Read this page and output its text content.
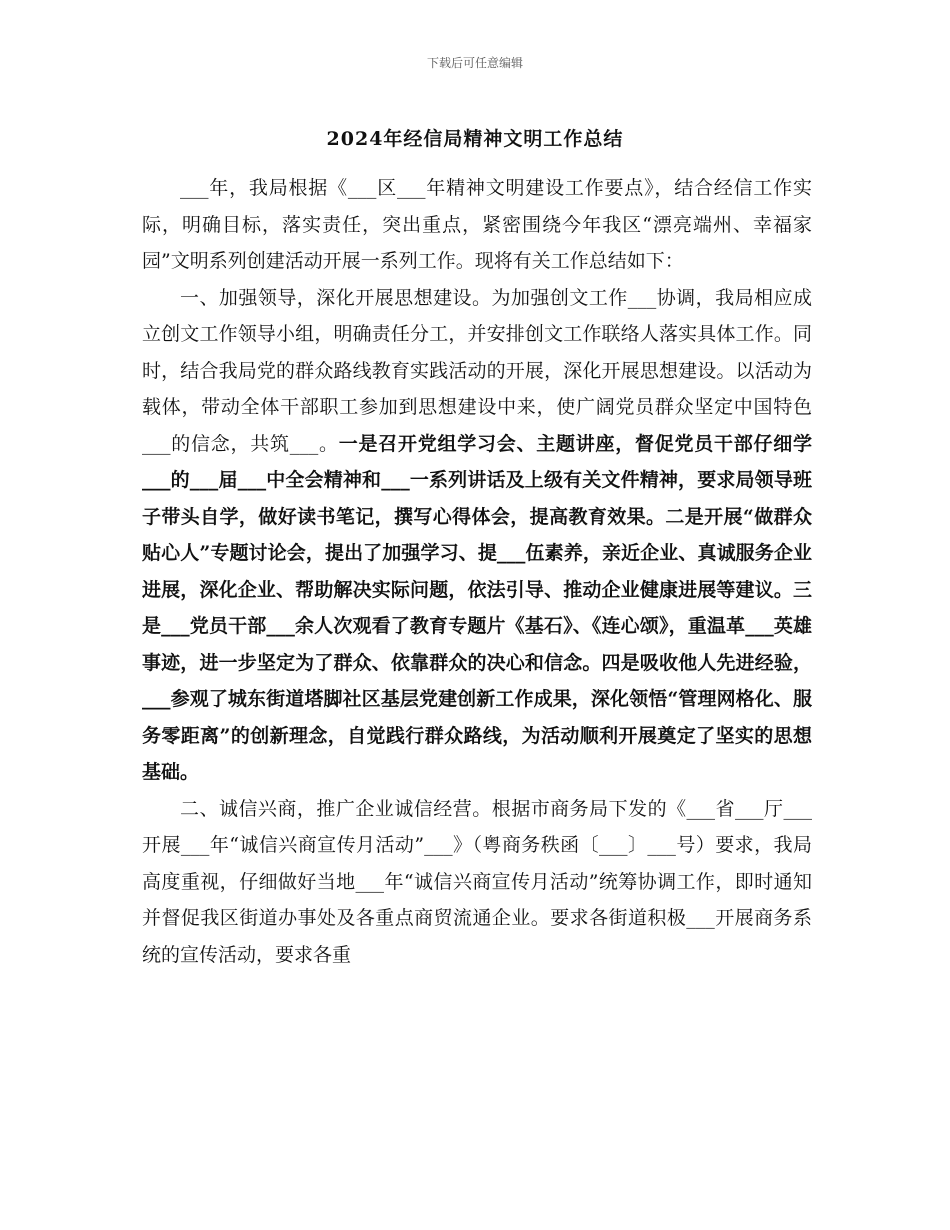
下载后可任意编辑
2024年经信局精神文明工作总结

___年，我局根据《___区___年精神文明建设工作要点》，结合经信工作实际，明确目标，落实责任，突出重点，紧密围绕今年我区“漂亮端州、幸福家园”文明系列创建活动开展一系列工作。现将有关工作总结如下：

一、加强领导，深化开展思想建设。为加强创文工作___协调，我局相应成立创文工作领导小组，明确责任分工，并安排创文工作联络人落实具体工作。同时，结合我局党的群众路线教育实践活动的开展，深化开展思想建设。以活动为载体，带动全体干部职工参加到思想建设中来，使广阔党员群众坚定中国特色___的信念，共筑___。一是召开党组学习会、主题讲座，督促党员干部仔细学___的___届___中全会精神和___一系列讲话及上级有关文件精神，要求局领导班子带头自学，做好读书笔记，撰写心得体会，提高教育效果。二是开展“做群众贴心人”专题讨论会，提出了加强学习、提___伍素养，亲近企业、真诚服务企业进展，深化企业、帮助解决实际问题，依法引导、推动企业健康进展等建议。三是___党员干部___余人次观看了教育专题片《基石》、《连心颂》，重温革___英雄事迹，进一步坚定为了群众、依靠群众的决心和信念。四是吸收他人先进经验，___参观了城东街道塔脚社区基层党建创新工作成果，深化领悟“管理网格化、服务零距离”的创新理念，自觉践行群众路线，为活动顺利开展奠定了坚实的思想基础。

二、诚信兴商，推广企业诚信经营。根据市商务局下发的《___省___厅___开展___年“诚信兴商宣传月活动”___》（粤商务秩函〔___〕___号）要求，我局高度重视，仔细做好当地___年“诚信兴商宣传月活动”统筹协调工作，即时通知并督促我区街道办事处及各重点商贸流通企业。要求各街道积极___开展商务系统的宣传活动，要求各重
